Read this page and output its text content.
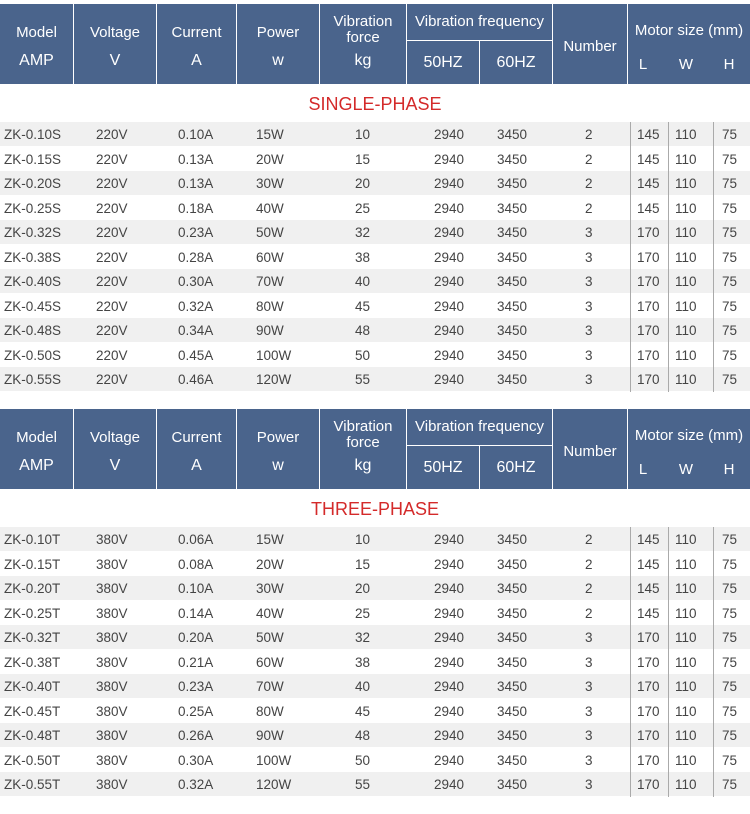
Model
AMP
Voltage
V
Current
A
Power
w
Vibration force
kg
Vibration frequency
50HZ	60HZ
Number
Motor size (mm)
L	W	H
SINGLE-PHASE
ZK-0.10S	220V	0.10A	15W	10	2940 3450	2	145 110 75
ZK-0.15S	220V	0.13A	20W	15	2940 3450	2	145 110 75
ZK-0.20S	220V	0.13A	30W	20	2940 3450	2	145 110 75
ZK-0.25S	220V	0.18A	40W	25	2940 3450	2	145 110 75
ZK-0.32S	220V	0.23A	50W	32	2940 3450	3	170 110 75
ZK-0.38S	220V	0.28A	60W	38	2940 3450	3	170 110 75
ZK-0.40S	220V	0.30A	70W	40	2940 3450	3	170 110 75
ZK-0.45S	220V	0.32A	80W	45	2940 3450	3	170 110 75
ZK-0.48S	220V	0.34A	90W	48	2940 3450	3	170 110 75
ZK-0.50S	220V	0.45A	100W	50	2940 3450	3	170 110 75
ZK-0.55S	220V	0.46A	120W	55	2940 3450	3	170 110 75
Model
AMP
Voltage
V
Current
A
Power
w
Vibration force
kg
Vibration frequency
50HZ	60HZ
Number
Motor size (mm)
L	W	H
THREE-PHASE
ZK-0.10T	380V	0.06A	15W	10	2940 3450	2	145 110 75
ZK-0.15T	380V	0.08A	20W	15	2940 3450	2	145 110 75
ZK-0.20T	380V	0.10A	30W	20	2940 3450	2	145 110 75
ZK-0.25T	380V	0.14A	40W	25	2940 3450	2	145 110 75
ZK-0.32T	380V	0.20A	50W	32	2940 3450	3	170 110 75
ZK-0.38T	380V	0.21A	60W	38	2940 3450	3	170 110 75
ZK-0.40T	380V	0.23A	70W	40	2940 3450	3	170 110 75
ZK-0.45T	380V	0.25A	80W	45	2940 3450	3	170 110 75
ZK-0.48T	380V	0.26A	90W	48	2940 3450	3	170 110 75
ZK-0.50T	380V	0.30A	100W	50	2940 3450	3	170 110 75
ZK-0.55T	380V	0.32A	120W	55	2940 3450	3	170 110 75
